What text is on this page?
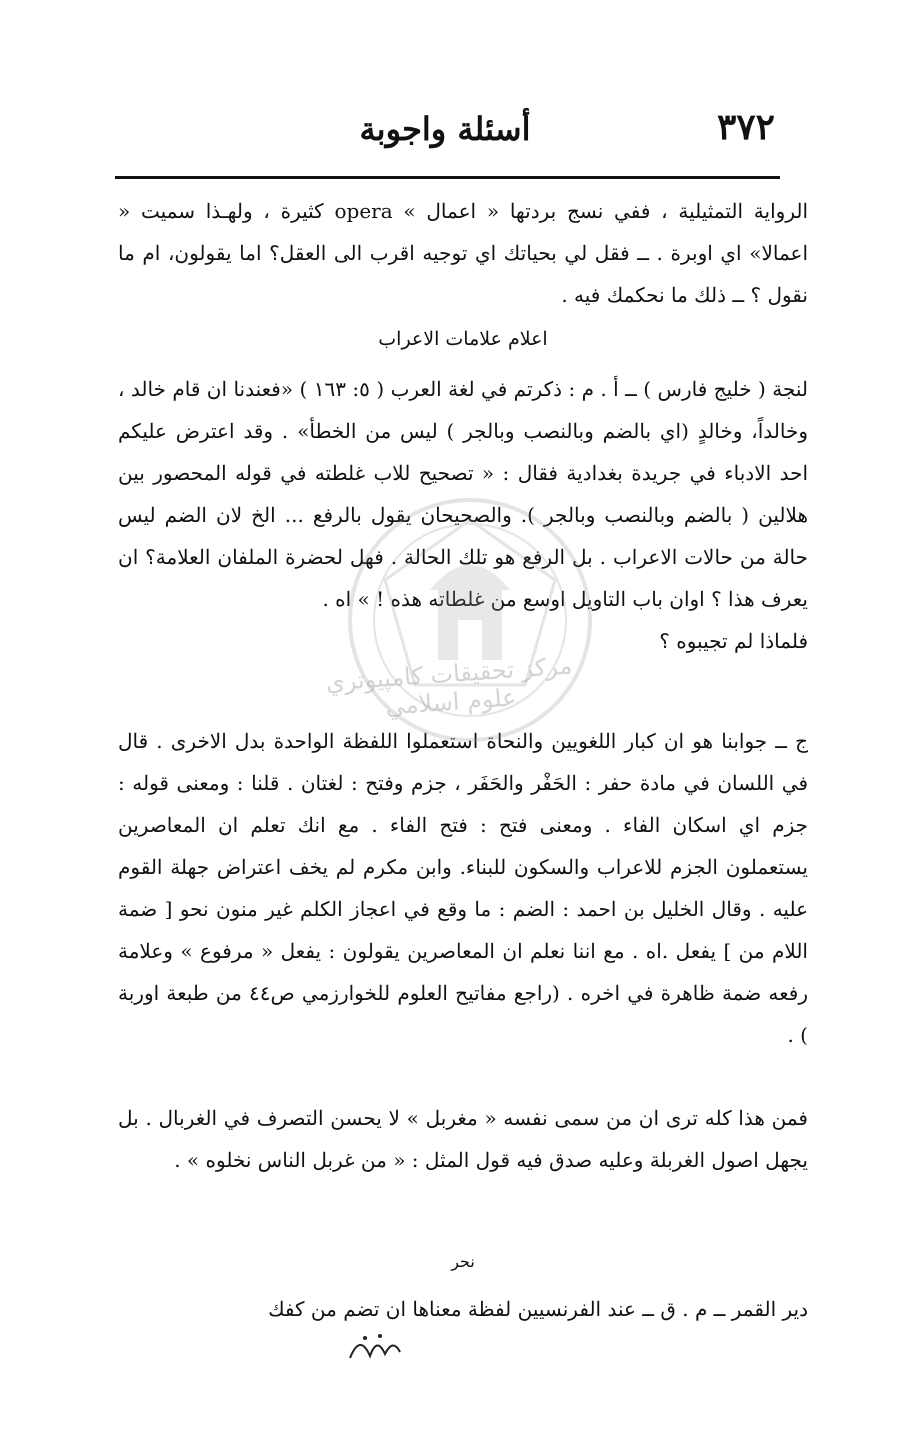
٣٧٢
أسئلة واجوبة

الرواية التمثيلية ، ففي نسج بردتها « اعمال » opera كثيرة ، ولهـذا سميت « اعمالا» اي اوبرة . ــ فقل لي بحياتك اي توجيه اقرب الى العقل؟ اما يقولون، ام ما نقول ؟ ــ ذلك ما نحكمك فيه .

اعلام علامات الاعراب

لنجة ( خليج فارس ) ــ أ . م : ذكرتم في لغة العرب ( ٥: ١٦٣ ) «فعندنا ان قام خالد ، وخالداً، وخالدٍ (اي بالضم وبالنصب وبالجر ) ليس من الخطأ» . وقد اعترض عليكم احد الادباء في جريدة بغدادية فقال : « تصحيح للاب غلطته في قوله المحصور بين هلالين ( بالضم وبالنصب وبالجر ). والصحيحان يقول بالرفع ... الخ لان الضم ليس حالة من حالات الاعراب . بل الرفع هو تلك الحالة . فهل لحضرة الملفان العلامة؟ ان يعرف هذا ؟ اوان باب التاويل اوسع من غلطاته هذه ! » اه .

فلماذا لم تجيبوه ؟

ج ــ جوابنا هو ان كبار اللغويين والنحاة استعملوا اللفظة الواحدة بدل الاخرى . قال في اللسان في مادة حفر : الحَفْر والحَفَر ، جزم وفتح : لغتان . قلنا : ومعنى قوله : جزم اي اسكان الفاء . ومعنى فتح : فتح الفاء . مع انك تعلم ان المعاصرين يستعملون الجزم للاعراب والسكون للبناء. وابن مكرم لم يخف اعتراض جهلة القوم عليه . وقال الخليل بن احمد : الضم : ما وقع في اعجاز الكلم غير منون نحو [ ضمة اللام من ] يفعل .اه . مع اننا نعلم ان المعاصرين يقولون : يفعل « مرفوع » وعلامة رفعه ضمة ظاهرة في اخره . (راجع مفاتيح العلوم للخوارزمي ص٤٤ من طبعة اوربة ) .

فمن هذا كله ترى ان من سمى نفسه « مغربل » لا يحسن التصرف في الغربال . بل يجهل اصول الغربلة وعليه صدق فيه قول المثل : « من غربل الناس نخلوه » .

نحر

دير القمر ــ م . ق ــ عند الفرنسيين لفظة معناها ان تضم من كفك

مركز تحقيقات كامپيوتري علوم اسلامي
